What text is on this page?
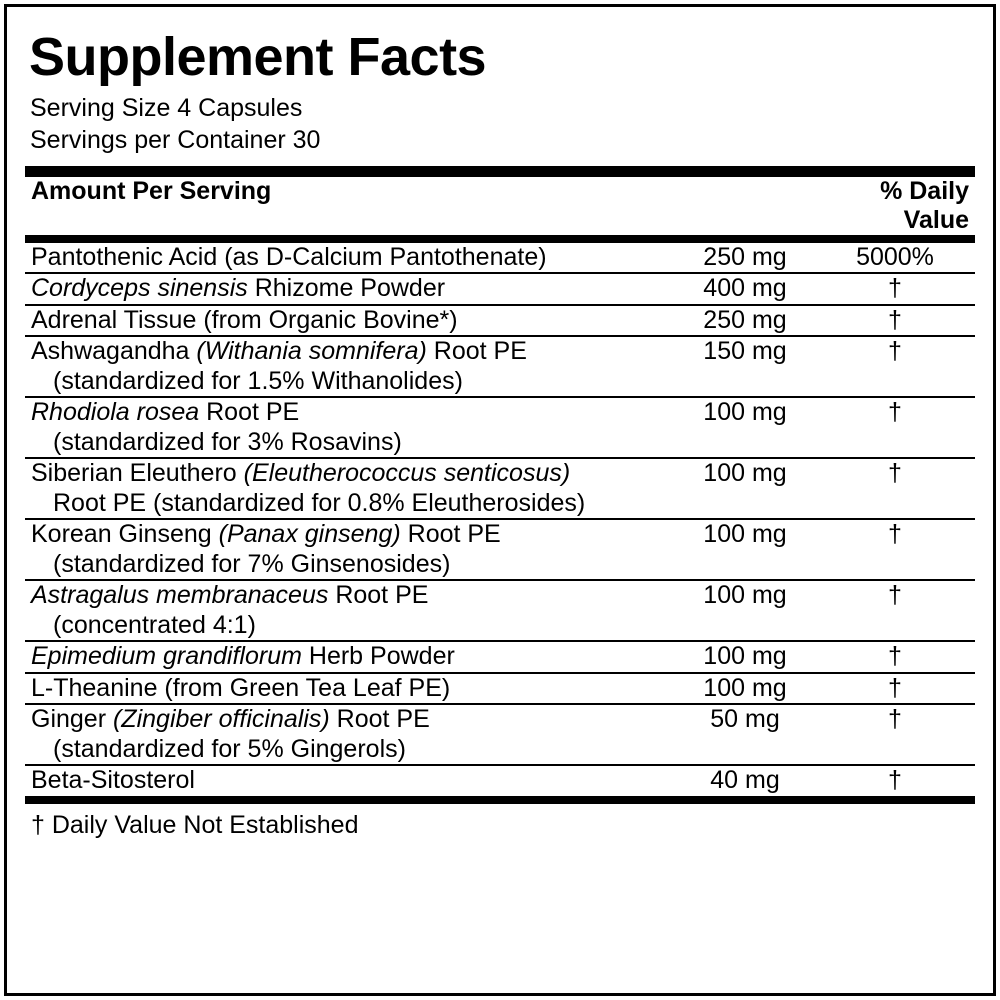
Supplement Facts
Serving Size 4 Capsules
Servings per Container 30
Amount Per Serving		% Daily Value

Pantothenic Acid (as D-Calcium Pantothenate)	250 mg	5000%

Cordyceps sinensis Rhizome Powder	400 mg	†

Adrenal Tissue (from Organic Bovine*)	250 mg	†

Ashwagandha (Withania somnifera) Root PE
(standardized for 1.5% Withanolides)	150 mg	†

Rhodiola rosea Root PE
(standardized for 3% Rosavins)	100 mg	†

Siberian Eleuthero (Eleutherococcus senticosus)
Root PE (standardized for 0.8% Eleutherosides)	100 mg	†

Korean Ginseng (Panax ginseng) Root PE
(standardized for 7% Ginsenosides)	100 mg	†

Astragalus membranaceus Root PE
(concentrated 4:1)	100 mg	†

Epimedium grandiflorum Herb Powder	100 mg	†

L-Theanine (from Green Tea Leaf PE)	100 mg	†

Ginger (Zingiber officinalis) Root PE
(standardized for 5% Gingerols)	50 mg	†

Beta-Sitosterol	40 mg	†
† Daily Value Not Established
